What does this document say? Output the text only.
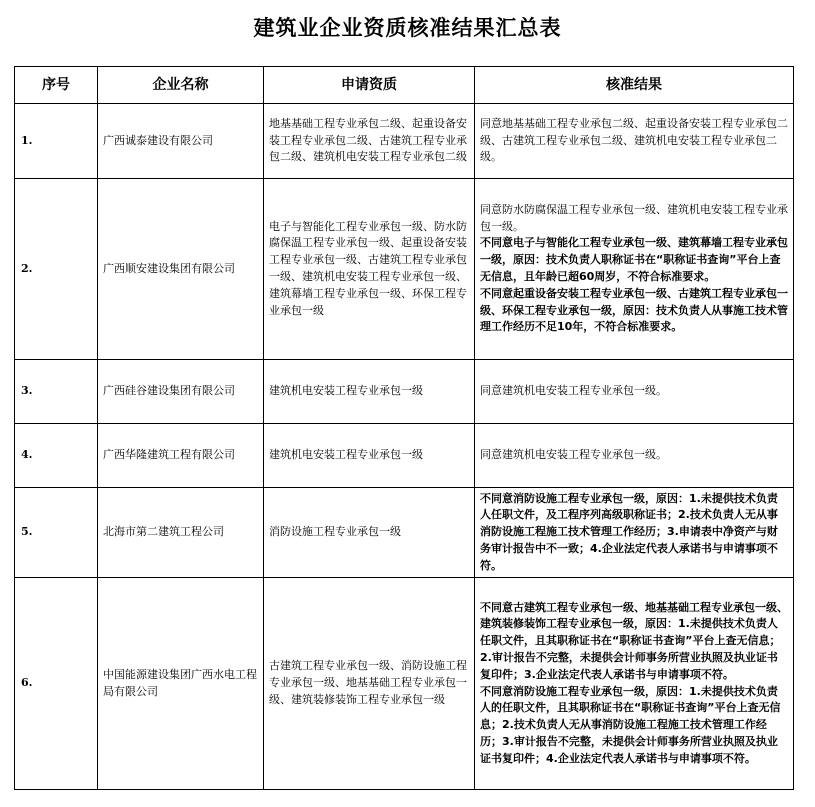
建筑业企业资质核准结果汇总表
序号	企业名称	申请资质	核准结果
1.	广西诚泰建设有限公司	地基基础工程专业承包二级、起重设备安装工程专业承包二级、古建筑工程专业承包二级、建筑机电安装工程专业承包二级	同意地基基础工程专业承包二级、起重设备安装工程专业承包二级、古建筑工程专业承包二级、建筑机电安装工程专业承包二级。

2.	广西顺安建设集团有限公司	电子与智能化工程专业承包一级、防水防腐保温工程专业承包一级、起重设备安装工程专业承包一级、古建筑工程专业承包一级、建筑机电安装工程专业承包一级、建筑幕墙工程专业承包一级、环保工程专业承包一级	同意防水防腐保温工程专业承包一级、建筑机电安装工程专业承包一级。
不同意电子与智能化工程专业承包一级、建筑幕墙工程专业承包一级，原因：技术负责人职称证书在“职称证书查询”平台上查无信息，且年龄已超60周岁，不符合标准要求。
不同意起重设备安装工程专业承包一级、古建筑工程专业承包一级、环保工程专业承包一级，原因：技术负责人从事施工技术管理工作经历不足10年，不符合标准要求。

3.	广西硅谷建设集团有限公司	建筑机电安装工程专业承包一级	同意建筑机电安装工程专业承包一级。

4.	广西华隆建筑工程有限公司	建筑机电安装工程专业承包一级	同意建筑机电安装工程专业承包一级。

5.	北海市第二建筑工程公司	消防设施工程专业承包一级	不同意消防设施工程专业承包一级，原因：1.未提供技术负责人任职文件，及工程序列高级职称证书；2.技术负责人无从事消防设施工程施工技术管理工作经历；3.申请表中净资产与财务审计报告中不一致；4.企业法定代表人承诺书与申请事项不符。

6.	中国能源建设集团广西水电工程局有限公司	古建筑工程专业承包一级、消防设施工程专业承包一级、地基基础工程专业承包一级、建筑装修装饰工程专业承包一级	不同意古建筑工程专业承包一级、地基基础工程专业承包一级、建筑装修装饰工程专业承包一级，原因：1.未提供技术负责人任职文件，且其职称证书在“职称证书查询”平台上查无信息；2.审计报告不完整，未提供会计师事务所营业执照及执业证书复印件；3.企业法定代表人承诺书与申请事项不符。
不同意消防设施工程专业承包一级，原因：1.未提供技术负责人的任职文件，且其职称证书在“职称证书查询”平台上查无信息；2.技术负责人无从事消防设施工程施工技术管理工作经历；3.审计报告不完整，未提供会计师事务所营业执照及执业证书复印件；4.企业法定代表人承诺书与申请事项不符。
